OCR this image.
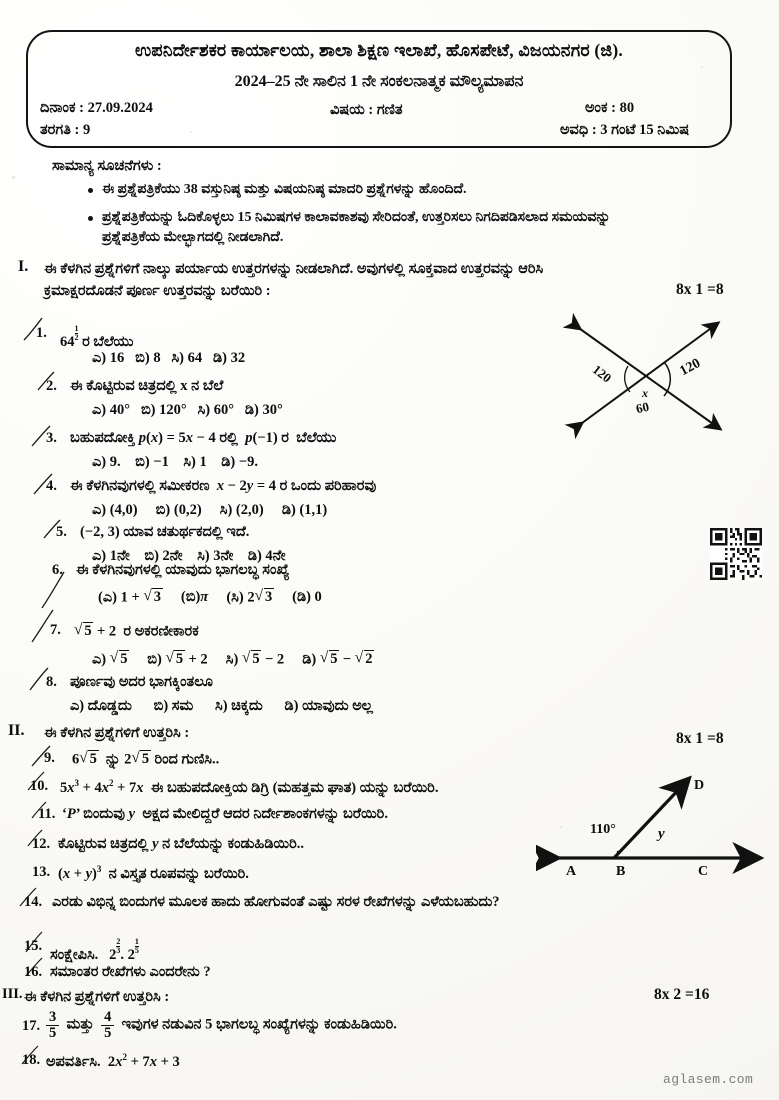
ಉಪನಿರ್ದೇಶಕರ ಕಾರ್ಯಾಲಯ, ಶಾಲಾ ಶಿಕ್ಷಣ ಇಲಾಖೆ, ಹೊಸಪೇಟೆ, ವಿಜಯನಗರ (ಜಿ).
2024–25 ನೇ ಸಾಲಿನ 1 ನೇ ಸಂಕಲನಾತ್ಮಕ ಮೌಲ್ಯಮಾಪನ
ದಿನಾಂಕ : 27.09.2024
ತರಗತಿ : 9
ವಿಷಯ : ಗಣಿತ	ಅಂಕ : 80
ಅವಧಿ : 3 ಗಂಟೆ 15 ನಿಮಿಷ
ಸಾಮಾನ್ಯ ಸೂಚನೆಗಳು :
ಈ ಪ್ರಶ್ನೆಪತ್ರಿಕೆಯು 38 ವಸ್ತುನಿಷ್ಠ ಮತ್ತು ವಿಷಯನಿಷ್ಠ ಮಾದರಿ ಪ್ರಶ್ನೆಗಳನ್ನು ಹೊಂದಿದೆ.
ಪ್ರಶ್ನೆಪತ್ರಿಕೆಯನ್ನು ಓದಿಕೊಳ್ಳಲು 15 ನಿಮಿಷಗಳ ಕಾಲಾವಕಾಶವು ಸೇರಿದಂತೆ, ಉತ್ತರಿಸಲು ನಿಗದಿಪಡಿಸಲಾದ ಸಮಯವನ್ನು
ಪ್ರಶ್ನೆಪತ್ರಿಕೆಯ ಮೇಲ್ಭಾಗದಲ್ಲಿ ನೀಡಲಾಗಿದೆ.
I. ಈ ಕೆಳಗಿನ ಪ್ರಶ್ನೆಗಳಿಗೆ ನಾಲ್ಕು ಪರ್ಯಾಯ ಉತ್ತರಗಳನ್ನು ನೀಡಲಾಗಿದೆ. ಅವುಗಳಲ್ಲಿ ಸೂಕ್ತವಾದ ಉತ್ತರವನ್ನು ಆರಿಸಿ
ಕ್ರಮಾಕ್ಷರದೊಡನೆ ಪೂರ್ಣ ಉತ್ತರವನ್ನು ಬರೆಯಿರಿ :	8x 1 =8
1.
$64 \frac{1}{2}$ ರ ಬೆಲೆಯು
ಎ) 16 ಬಿ) 8 ಸಿ) 64 ಡಿ) 32
2. ಈ ಕೊಟ್ಟಿರುವ ಚಿತ್ರದಲ್ಲಿ x ನ ಬೆಲೆ
ಎ) 40° ಬಿ) 120° ಸಿ) 60° ಡಿ) 30°
3. ಬಹುಪದೋಕ್ತಿ p(x) = 5x − 4 ರಲ್ಲಿ  p(−1) ರ  ಬೆಲೆಯು
ಎ) 9. ಬಿ) −1 ಸಿ) 1 ಡಿ) −9.
4. ಈ ಕೆಳಗಿನವುಗಳಲ್ಲಿ ಸಮೀಕರಣ  x − 2y = 4 ರ ಒಂದು ಪರಿಹಾರವು
ಎ) (4,0) ಬಿ) (0,2) ಸಿ) (2,0) ಡಿ) (1,1)
5. (−2, 3) ಯಾವ ಚತುರ್ಥಕದಲ್ಲಿ ಇದೆ.
ಎ) 1ನೇ ಬಿ) 2ನೇ ಸಿ) 3ನೇ ಡಿ) 4ನೇ
6. ಈ ಕೆಳಗಿನವುಗಳಲ್ಲಿ ಯಾವುದು ಭಾಗಲಬ್ಧ ಸಂಖ್ಯೆ
(ಎ) 1 + √ 3 (ಬಿ)π (ಸಿ) 2 √ 3 (ಡಿ) 0
7.	√ 5 + 2  ರ ಅಕರಣೀಕಾರಕ
ಎ) √ 5 ಬಿ) √ 5 + 2 ಸಿ) √ 5 − 2 ಡಿ) √ 5 − √ 2
8. ಪೂರ್ಣವು ಅದರ ಭಾಗಕ್ಕಿಂತಲೂ
ಎ) ದೊಡ್ಡದು ಬಿ) ಸಮ ಸಿ) ಚಿಕ್ಕದು ಡಿ) ಯಾವುದು ಅಲ್ಲ
II. ಈ ಕೆಳಗಿನ ಪ್ರಶ್ನೆಗಳಿಗೆ ಉತ್ತರಿಸಿ :	8x 1 =8
9. 6 √ 5  ನ್ನು 2 √ 5 ರಿಂದ ಗುಣಿಸಿ..
10. $5x^3 + 4x^2 + 7x$  ಈ ಬಹುಪದೋಕ್ತಿಯ ಡಿಗ್ರಿ (ಮಹತ್ತಮ ಘಾತ) ಯನ್ನು ಬರೆಯಿರಿ.
11. ‘P’ ಬಿಂದುವು y  ಅಕ್ಷದ ಮೇಲಿದ್ದರೆ ಆದರ ನಿರ್ದೇಶಾಂಕಗಳನ್ನು ಬರೆಯಿರಿ.
12. ಕೊಟ್ಟಿರುವ ಚಿತ್ರದಲ್ಲಿ y ನ ಬೆಲೆಯನ್ನು ಕಂಡುಹಿಡಿಯಿರಿ..
13. $(x + y)^3$  ನ ವಿಸ್ತೃತ ರೂಪವನ್ನು ಬರೆಯಿರಿ.
14. ಎರಡು ವಿಭಿನ್ನ ಬಿಂದುಗಳ ಮೂಲಕ ಹಾದು ಹೋಗುವಂತೆ ಎಷ್ಟು ಸರಳ ರೇಖೆಗಳನ್ನು ಎಳೆಯಬಹುದು?
15.
ಸಂಕ್ಷೇಪಿಸಿ. $2 \frac{2}{3}$ . $2 \frac{1}{5}$
16. ಸಮಾಂತರ ರೇಖೆಗಳು ಎಂದರೇನು ?
III. ಈ ಕೆಳಗಿನ ಪ್ರಶ್ನೆಗಳಿಗೆ ಉತ್ತರಿಸಿ :	8x 2 =16
17. $\frac{3}{5}$ ಮತ್ತು $\frac{4}{5}$ ಇವುಗಳ ನಡುವಿನ 5 ಭಾಗಲಬ್ಧ ಸಂಖ್ಯೆಗಳನ್ನು ಕಂಡುಹಿಡಿಯಿರಿ.
18. ಅಪವರ್ತಿಸಿ.  $2x^2 + 7x + 3$
120	120
x
60
110°	y
A	B	C
D
aglasem.com
